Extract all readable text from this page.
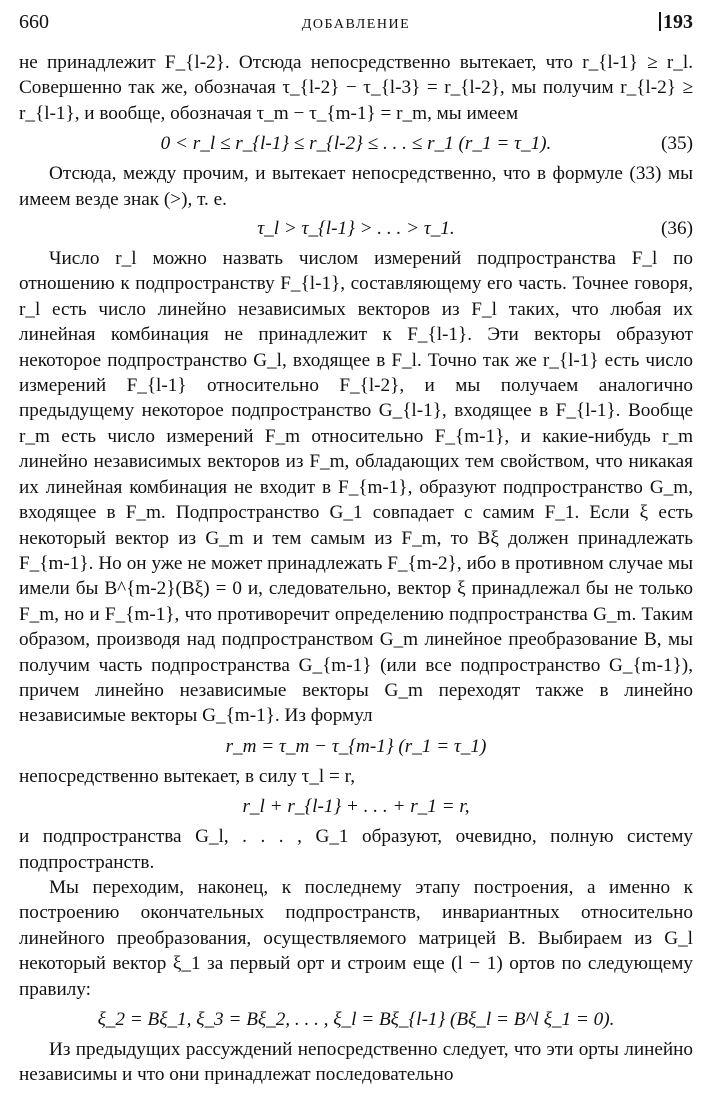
660	ДОБАВЛЕНИЕ	193

не принадлежит F_{l-2}. Отсюда непосредственно вытекает, что r_{l-1} ≥ r_l. Совершенно так же, обозначая τ_{l-2} − τ_{l-3} = r_{l-2}, мы получим r_{l-2} ≥ r_{l-1}, и вообще, обозначая τ_m − τ_{m-1} = r_m, мы имеем

0 < r_l ≤ r_{l-1} ≤ r_{l-2} ≤ . . . ≤ r_1 (r_1 = τ_1).	(35)

Отсюда, между прочим, и вытекает непосредственно, что в формуле (33) мы имеем везде знак (>), т. е.

τ_l > τ_{l-1} > . . . > τ_1.	(36)

Число r_l можно назвать числом измерений подпространства F_l по отношению к подпространству F_{l-1}, составляющему его часть. Точнее говоря, r_l есть число линейно независимых векторов из F_l таких, что любая их линейная комбинация не принадлежит к F_{l-1}. Эти векторы образуют некоторое подпространство G_l, входящее в F_l. Точно так же r_{l-1} есть число измерений F_{l-1} относительно F_{l-2}, и мы получаем аналогично предыдущему некоторое подпространство G_{l-1}, входящее в F_{l-1}. Вообще r_m есть число измерений F_m относительно F_{m-1}, и какие-нибудь r_m линейно независимых векторов из F_m, обладающих тем свойством, что никакая их линейная комбинация не входит в F_{m-1}, образуют подпространство G_m, входящее в F_m. Подпространство G_1 совпадает с самим F_1. Если ξ есть некоторый вектор из G_m и тем самым из F_m, то Bξ должен принадлежать F_{m-1}. Но он уже не может принадлежать F_{m-2}, ибо в противном случае мы имели бы B^{m-2}(Bξ) = 0 и, следовательно, вектор ξ принадлежал бы не только F_m, но и F_{m-1}, что противоречит определению подпространства G_m. Таким образом, производя над подпространством G_m линейное преобразование B, мы получим часть подпространства G_{m-1} (или все подпространство G_{m-1}), причем линейно независимые векторы G_m переходят также в линейно независимые векторы G_{m-1}. Из формул

r_m = τ_m − τ_{m-1} (r_1 = τ_1)

непосредственно вытекает, в силу τ_l = r,

r_l + r_{l-1} + . . . + r_1 = r,

и подпространства G_l, . . . , G_1 образуют, очевидно, полную систему подпространств.

Мы переходим, наконец, к последнему этапу построения, а именно к построению окончательных подпространств, инвариантных относительно линейного преобразования, осуществляемого матрицей B. Выбираем из G_l некоторый вектор ξ_1 за первый орт и строим еще (l − 1) ортов по следующему правилу:

ξ_2 = Bξ_1, ξ_3 = Bξ_2, . . . , ξ_l = Bξ_{l-1} (Bξ_l = B^l ξ_1 = 0).

Из предыдущих рассуждений непосредственно следует, что эти орты линейно независимы и что они принадлежат последовательно
